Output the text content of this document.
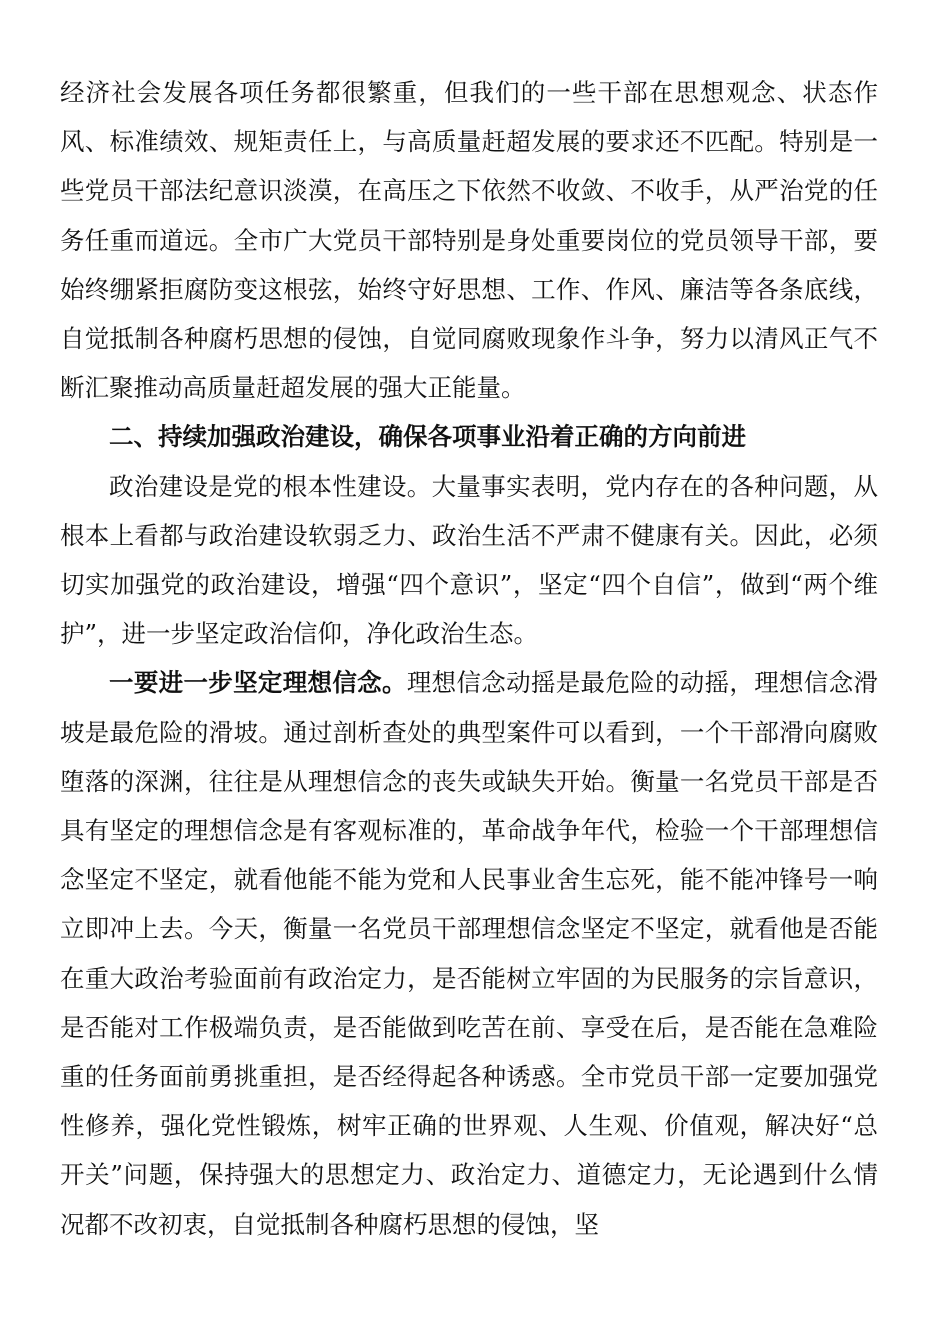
经济社会发展各项任务都很繁重，但我们的一些干部在思想观念、状态作风、标准绩效、规矩责任上，与高质量赶超发展的要求还不匹配。特别是一些党员干部法纪意识淡漠，在高压之下依然不收敛、不收手，从严治党的任务任重而道远。全市广大党员干部特别是身处重要岗位的党员领导干部，要始终绷紧拒腐防变这根弦，始终守好思想、工作、作风、廉洁等各条底线，自觉抵制各种腐朽思想的侵蚀，自觉同腐败现象作斗争，努力以清风正气不断汇聚推动高质量赶超发展的强大正能量。

二、持续加强政治建设，确保各项事业沿着正确的方向前进

政治建设是党的根本性建设。大量事实表明，党内存在的各种问题，从根本上看都与政治建设软弱乏力、政治生活不严肃不健康有关。因此，必须切实加强党的政治建设，增强“四个意识”，坚定“四个自信”，做到“两个维护”，进一步坚定政治信仰，净化政治生态。

一要进一步坚定理想信念。理想信念动摇是最危险的动摇，理想信念滑坡是最危险的滑坡。通过剖析查处的典型案件可以看到，一个干部滑向腐败堕落的深渊，往往是从理想信念的丧失或缺失开始。衡量一名党员干部是否具有坚定的理想信念是有客观标准的，革命战争年代，检验一个干部理想信念坚定不坚定，就看他能不能为党和人民事业舍生忘死，能不能冲锋号一响立即冲上去。今天，衡量一名党员干部理想信念坚定不坚定，就看他是否能在重大政治考验面前有政治定力，是否能树立牢固的为民服务的宗旨意识，是否能对工作极端负责，是否能做到吃苦在前、享受在后，是否能在急难险重的任务面前勇挑重担，是否经得起各种诱惑。全市党员干部一定要加强党性修养，强化党性锻炼，树牢正确的世界观、人生观、价值观，解决好“总开关”问题，保持强大的思想定力、政治定力、道德定力，无论遇到什么情况都不改初衷，自觉抵制各种腐朽思想的侵蚀，坚
